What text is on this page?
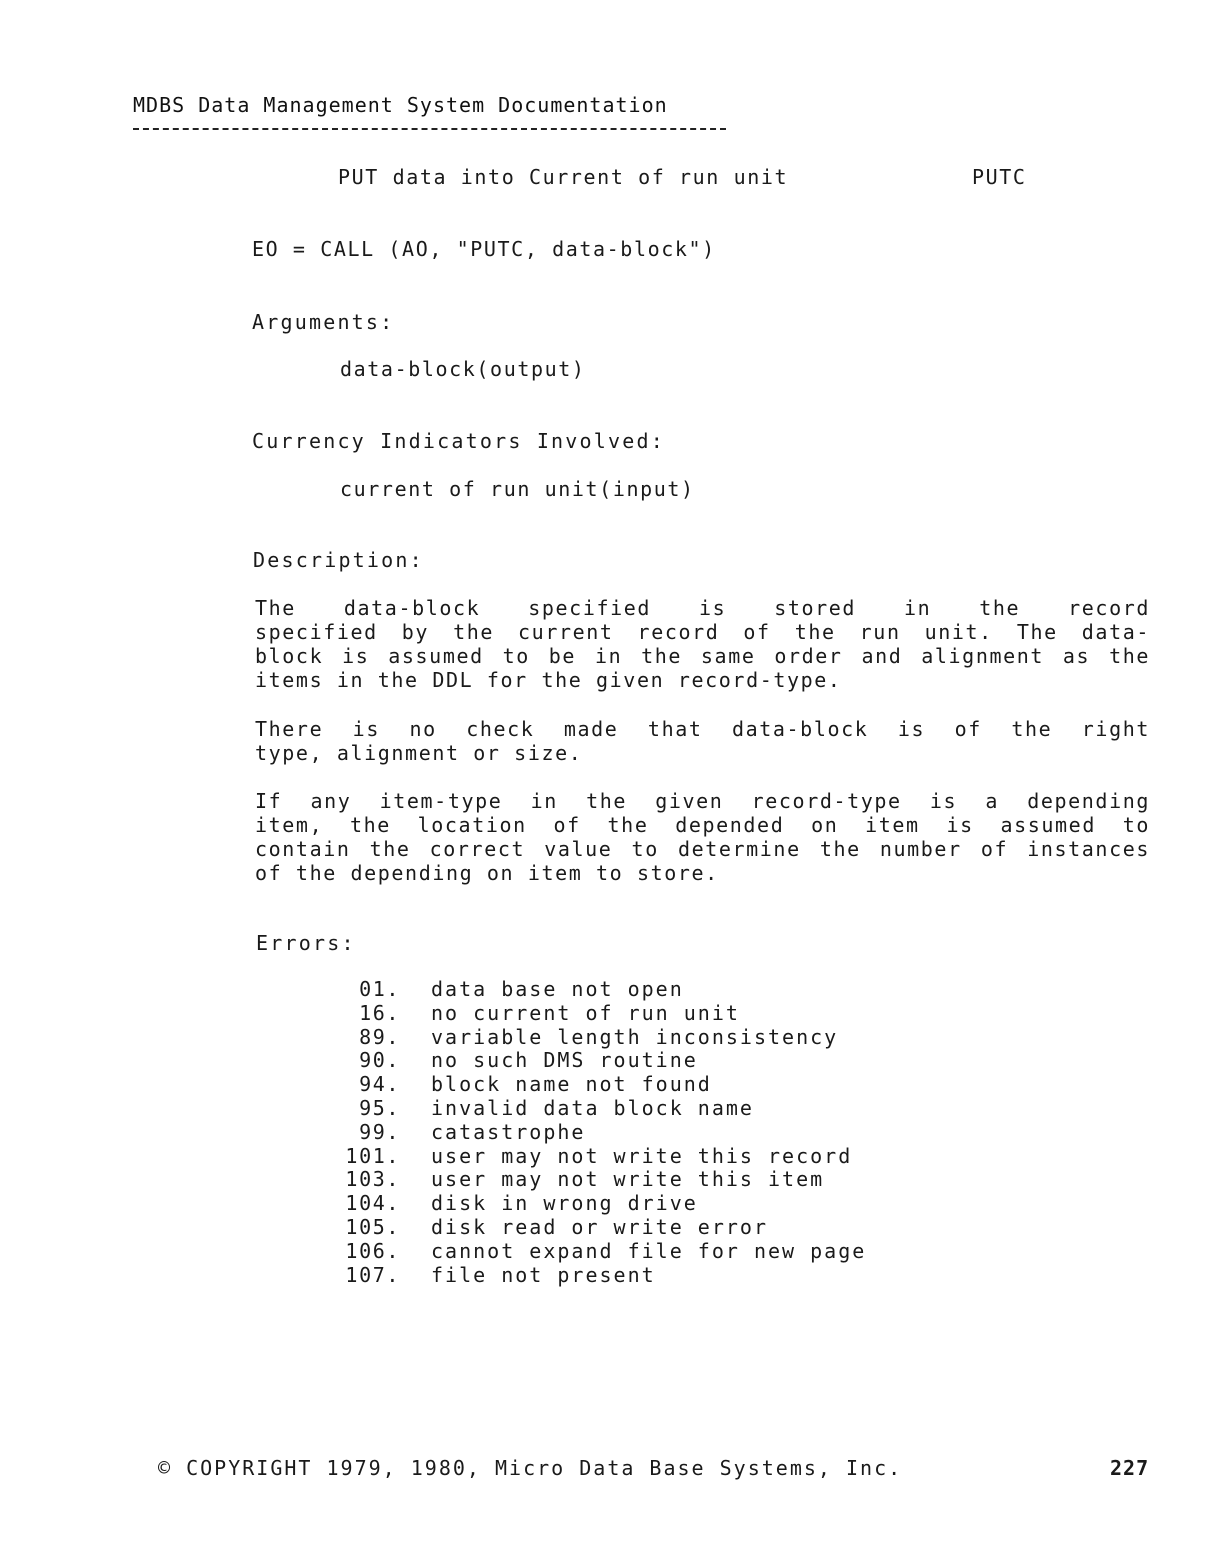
MDBS Data Management System Documentation
PUT data into Current of run unit	PUTC
EO = CALL (AO, "PUTC, data-block")
Arguments:
data-block(output)
Currency Indicators Involved:
current of run unit(input)
Description:
The data-block specified is stored in the record
specified by the current record of the run unit. The data-
block is assumed to be in the same order and alignment as the
items in the DDL for the given record-type.
There is no check made that data-block is of the right
type, alignment or size.
If any item-type in the given record-type is a depending
item, the location of the depended on item is assumed to
contain the correct value to determine the number of instances
of the depending on item to store.
Errors:
01. data base not open
16. no current of run unit
89. variable length inconsistency
90. no such DMS routine
94. block name not found
95. invalid data block name
99. catastrophe
101. user may not write this record
103. user may not write this item
104. disk in wrong drive
105. disk read or write error
106. cannot expand file for new page
107. file not present
© COPYRIGHT 1979, 1980, Micro Data Base Systems, Inc.	227
